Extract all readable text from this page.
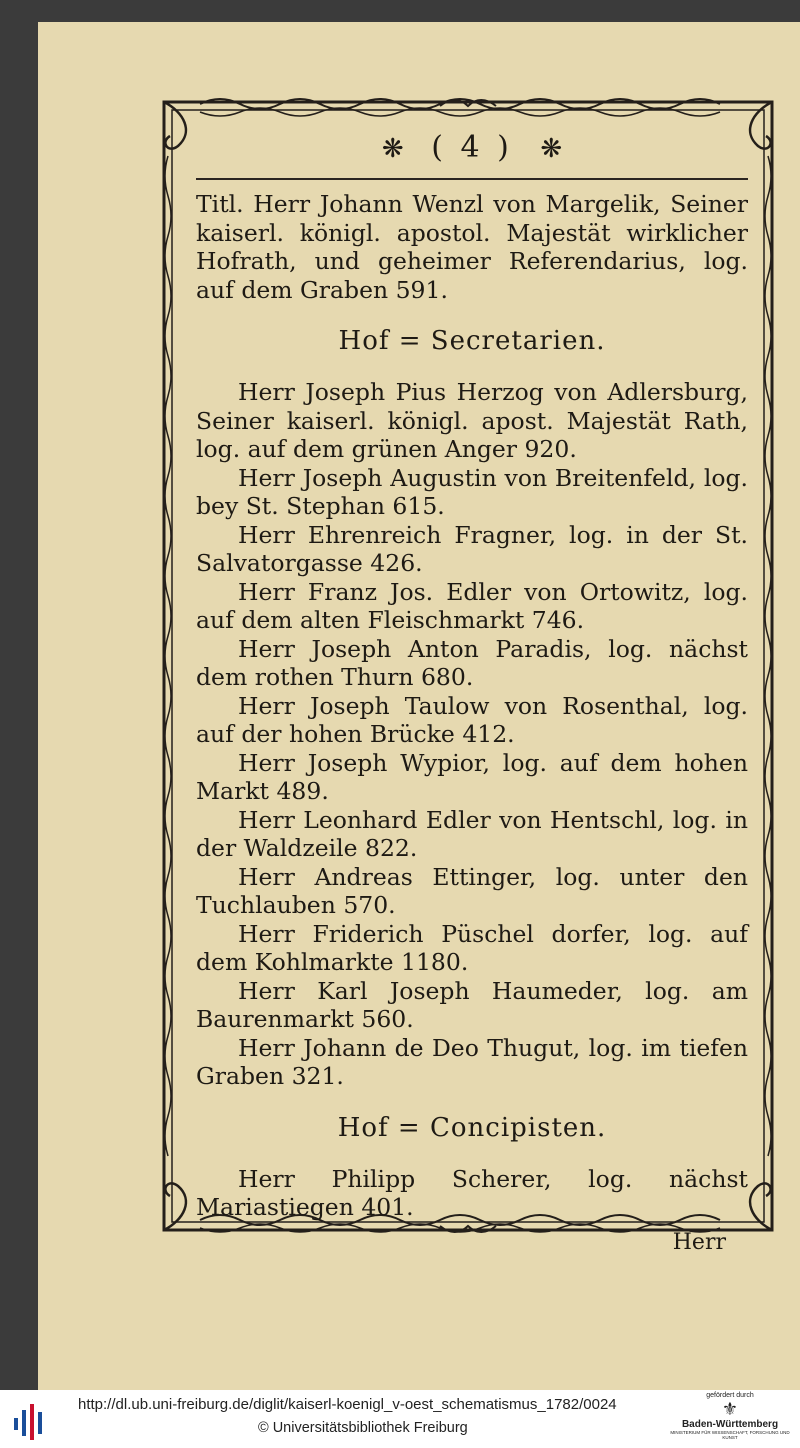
❋ ( 4 ) ❋

Titl. Herr Johann Wenzl von Margelik, Seiner kaiserl. königl. apostol. Majestät wirklicher Hofrath, und geheimer Referendarius, log. auf dem Graben 591.

Hof = Secretarien.

Herr Joseph Pius Herzog von Adlersburg, Seiner kaiserl. königl. apost. Majestät Rath, log. auf dem grünen Anger 920.

Herr Joseph Augustin von Breitenfeld, log. bey St. Stephan 615.

Herr Ehrenreich Fragner, log. in der St. Salvatorgasse 426.

Herr Franz Jos. Edler von Ortowitz, log. auf dem alten Fleischmarkt 746.

Herr Joseph Anton Paradis, log. nächst dem rothen Thurn 680.

Herr Joseph Taulow von Rosenthal, log. auf der hohen Brücke 412.

Herr Joseph Wypior, log. auf dem hohen Markt 489.

Herr Leonhard Edler von Hentschl, log. in der Waldzeile 822.

Herr Andreas Ettinger, log. unter den Tuchlauben 570.

Herr Friderich Püschel dorfer, log. auf dem Kohlmarkte 1180.

Herr Karl Joseph Haumeder, log. am Baurenmarkt 560.

Herr Johann de Deo Thugut, log. im tiefen Graben 321.

Hof = Concipisten.

Herr Philipp Scherer, log. nächst Mariastiegen 401.

Herr
http://dl.ub.uni-freiburg.de/diglit/kaiserl-koenigl_v-oest_schematismus_1782/0024
© Universitätsbibliothek Freiburg
gefördert durch
⚜
Baden-Württemberg
MINISTERIUM FÜR WISSENSCHAFT, FORSCHUNG UND KUNST
